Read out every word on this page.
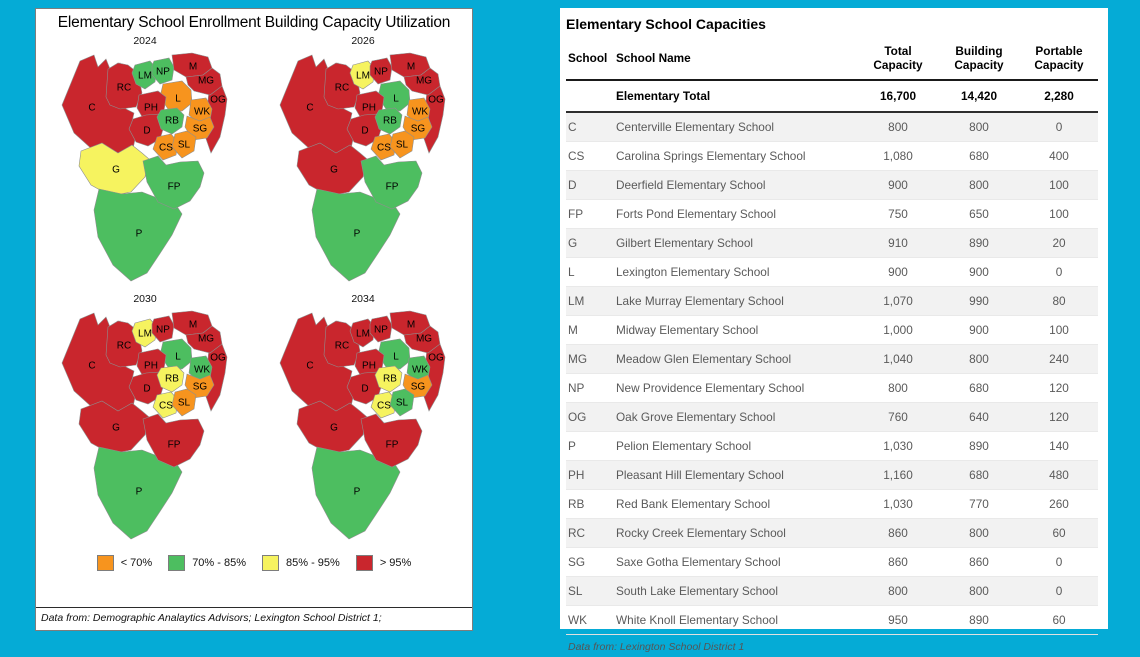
Elementary School Enrollment Building Capacity Utilization
2024
C
RC
LM NP M
MG
L	OG
PH	WK
RB
SG
D
CS SL
G
FP
P
2026
C
RC
LM NP M
MG
L	OG
PH	WK
RB
SG
D
CS SL
G
FP
P
2030
C
RC
LM NP M
MG
L	OG
PH	WK
RB
SG
D
CS SL
G
FP
P
2034
C
RC
LM NP M
MG
L	OG
PH	WK
RB
SG
D
CS SL
G
FP
P
< 70%	70% - 85%	85% - 95%	> 95%
Data from: Demographic Analaytics Advisors; Lexington School District 1;
Elementary School Capacities
School	School Name	Total Capacity	Building Capacity	Portable Capacity
	Elementary Total	16,700	14,420	2,280
C	Centerville Elementary School	800	800	0
CS	Carolina Springs Elementary School	1,080	680	400
D	Deerfield Elementary School	900	800	100
FP	Forts Pond Elementary School	750	650	100
G	Gilbert Elementary School	910	890	20
L	Lexington Elementary School	900	900	0
LM	Lake Murray Elementary School	1,070	990	80
M	Midway Elementary School	1,000	900	100
MG	Meadow Glen Elementary School	1,040	800	240
NP	New Providence Elementary School	800	680	120
OG	Oak Grove Elementary School	760	640	120
P	Pelion Elementary School	1,030	890	140
PH	Pleasant Hill Elementary School	1,160	680	480
RB	Red Bank Elementary School	1,030	770	260
RC	Rocky Creek Elementary School	860	800	60
SG	Saxe Gotha Elementary School	860	860	0
SL	South Lake Elementary School	800	800	0
WK	White Knoll Elementary School	950	890	60
Data from: Lexington School District 1
